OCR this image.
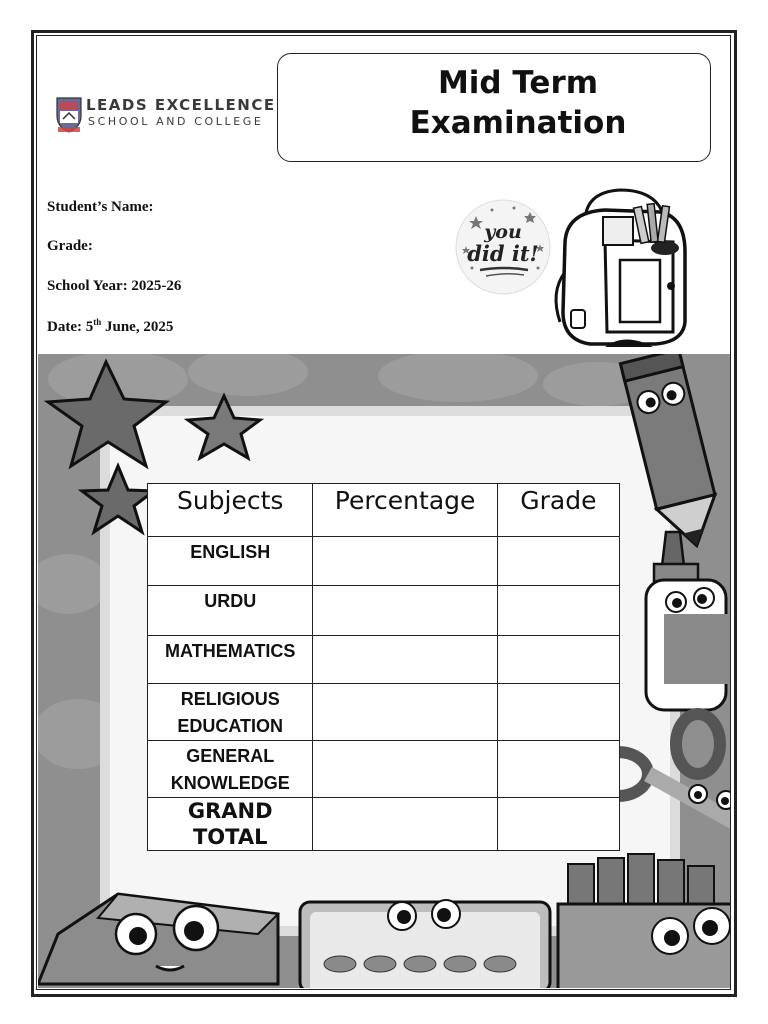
LEADS EXCELLENCE
SCHOOL AND COLLEGE
Mid Term
Examination
Student’s Name:
Grade:
School Year: 2025-26
Date: 5th June, 2025
you
did it!
Subjects	Percentage	Grade
ENGLISH		
URDU		
MATHEMATICS		
RELIGIOUS EDUCATION		
GENERAL KNOWLEDGE		
GRAND TOTAL		
